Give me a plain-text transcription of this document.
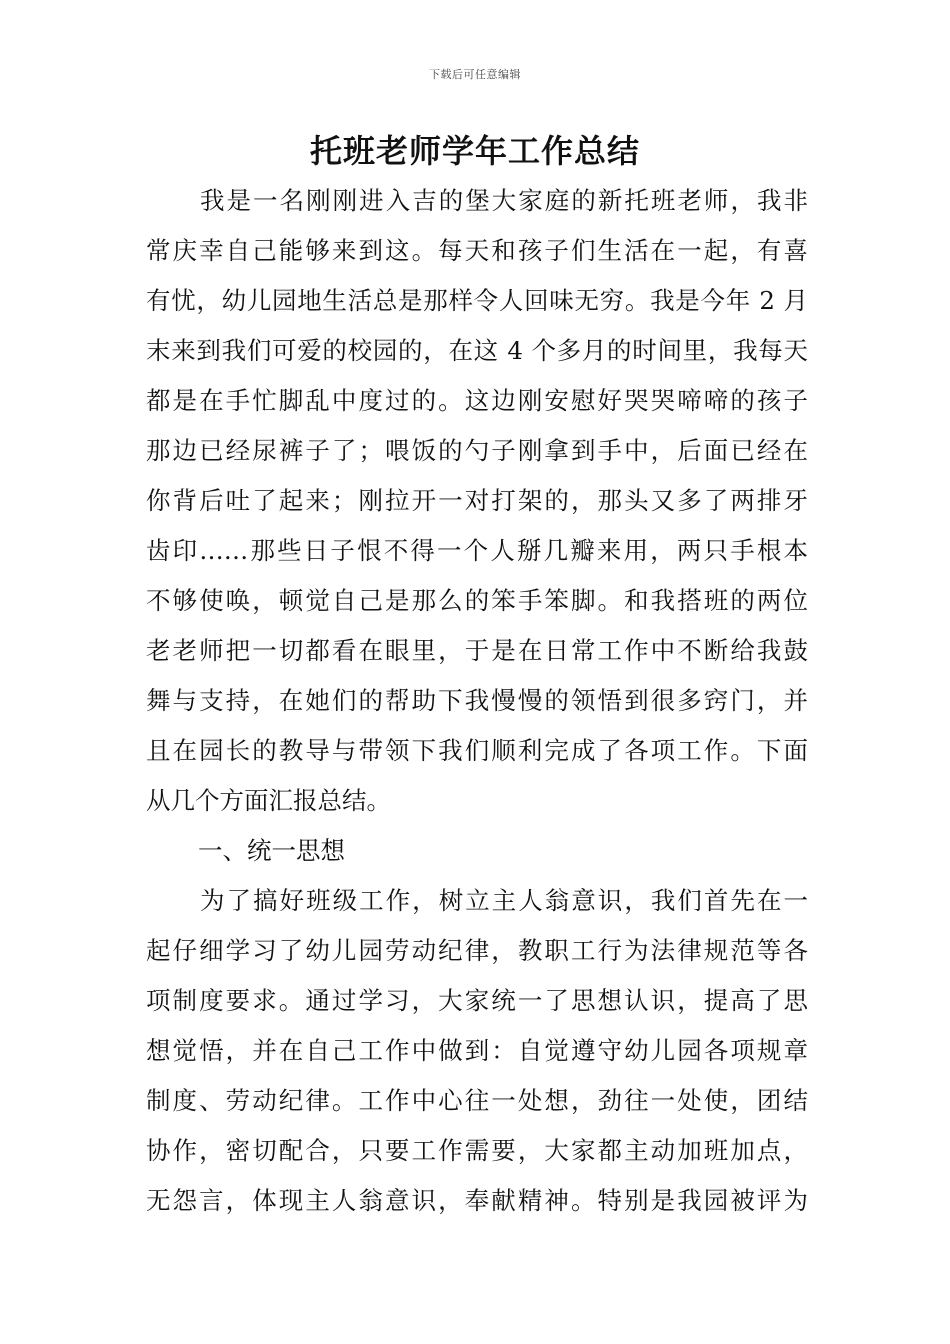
下载后可任意编辑
托班老师学年工作总结
我是一名刚刚进入吉的堡大家庭的新托班老师，我非
常庆幸自己能够来到这。每天和孩子们生活在一起，有喜
有忧，幼儿园地生活总是那样令人回味无穷。我是今年 2 月
末来到我们可爱的校园的，在这 4 个多月的时间里，我每天
都是在手忙脚乱中度过的。这边刚安慰好哭哭啼啼的孩子
那边已经尿裤子了；喂饭的勺子刚拿到手中，后面已经在
你背后吐了起来；刚拉开一对打架的，那头又多了两排牙
齿印……那些日子恨不得一个人掰几瓣来用，两只手根本
不够使唤，顿觉自己是那么的笨手笨脚。和我搭班的两位
老老师把一切都看在眼里，于是在日常工作中不断给我鼓
舞与支持，在她们的帮助下我慢慢的领悟到很多窍门，并
且在园长的教导与带领下我们顺利完成了各项工作。下面
从几个方面汇报总结。
一、统一思想
为了搞好班级工作，树立主人翁意识，我们首先在一
起仔细学习了幼儿园劳动纪律，教职工行为法律规范等各
项制度要求。通过学习，大家统一了思想认识，提高了思
想觉悟，并在自己工作中做到：自觉遵守幼儿园各项规章
制度、劳动纪律。工作中心往一处想，劲往一处使，团结
协作，密切配合，只要工作需要，大家都主动加班加点，
无怨言，体现主人翁意识，奉献精神。特别是我园被评为
